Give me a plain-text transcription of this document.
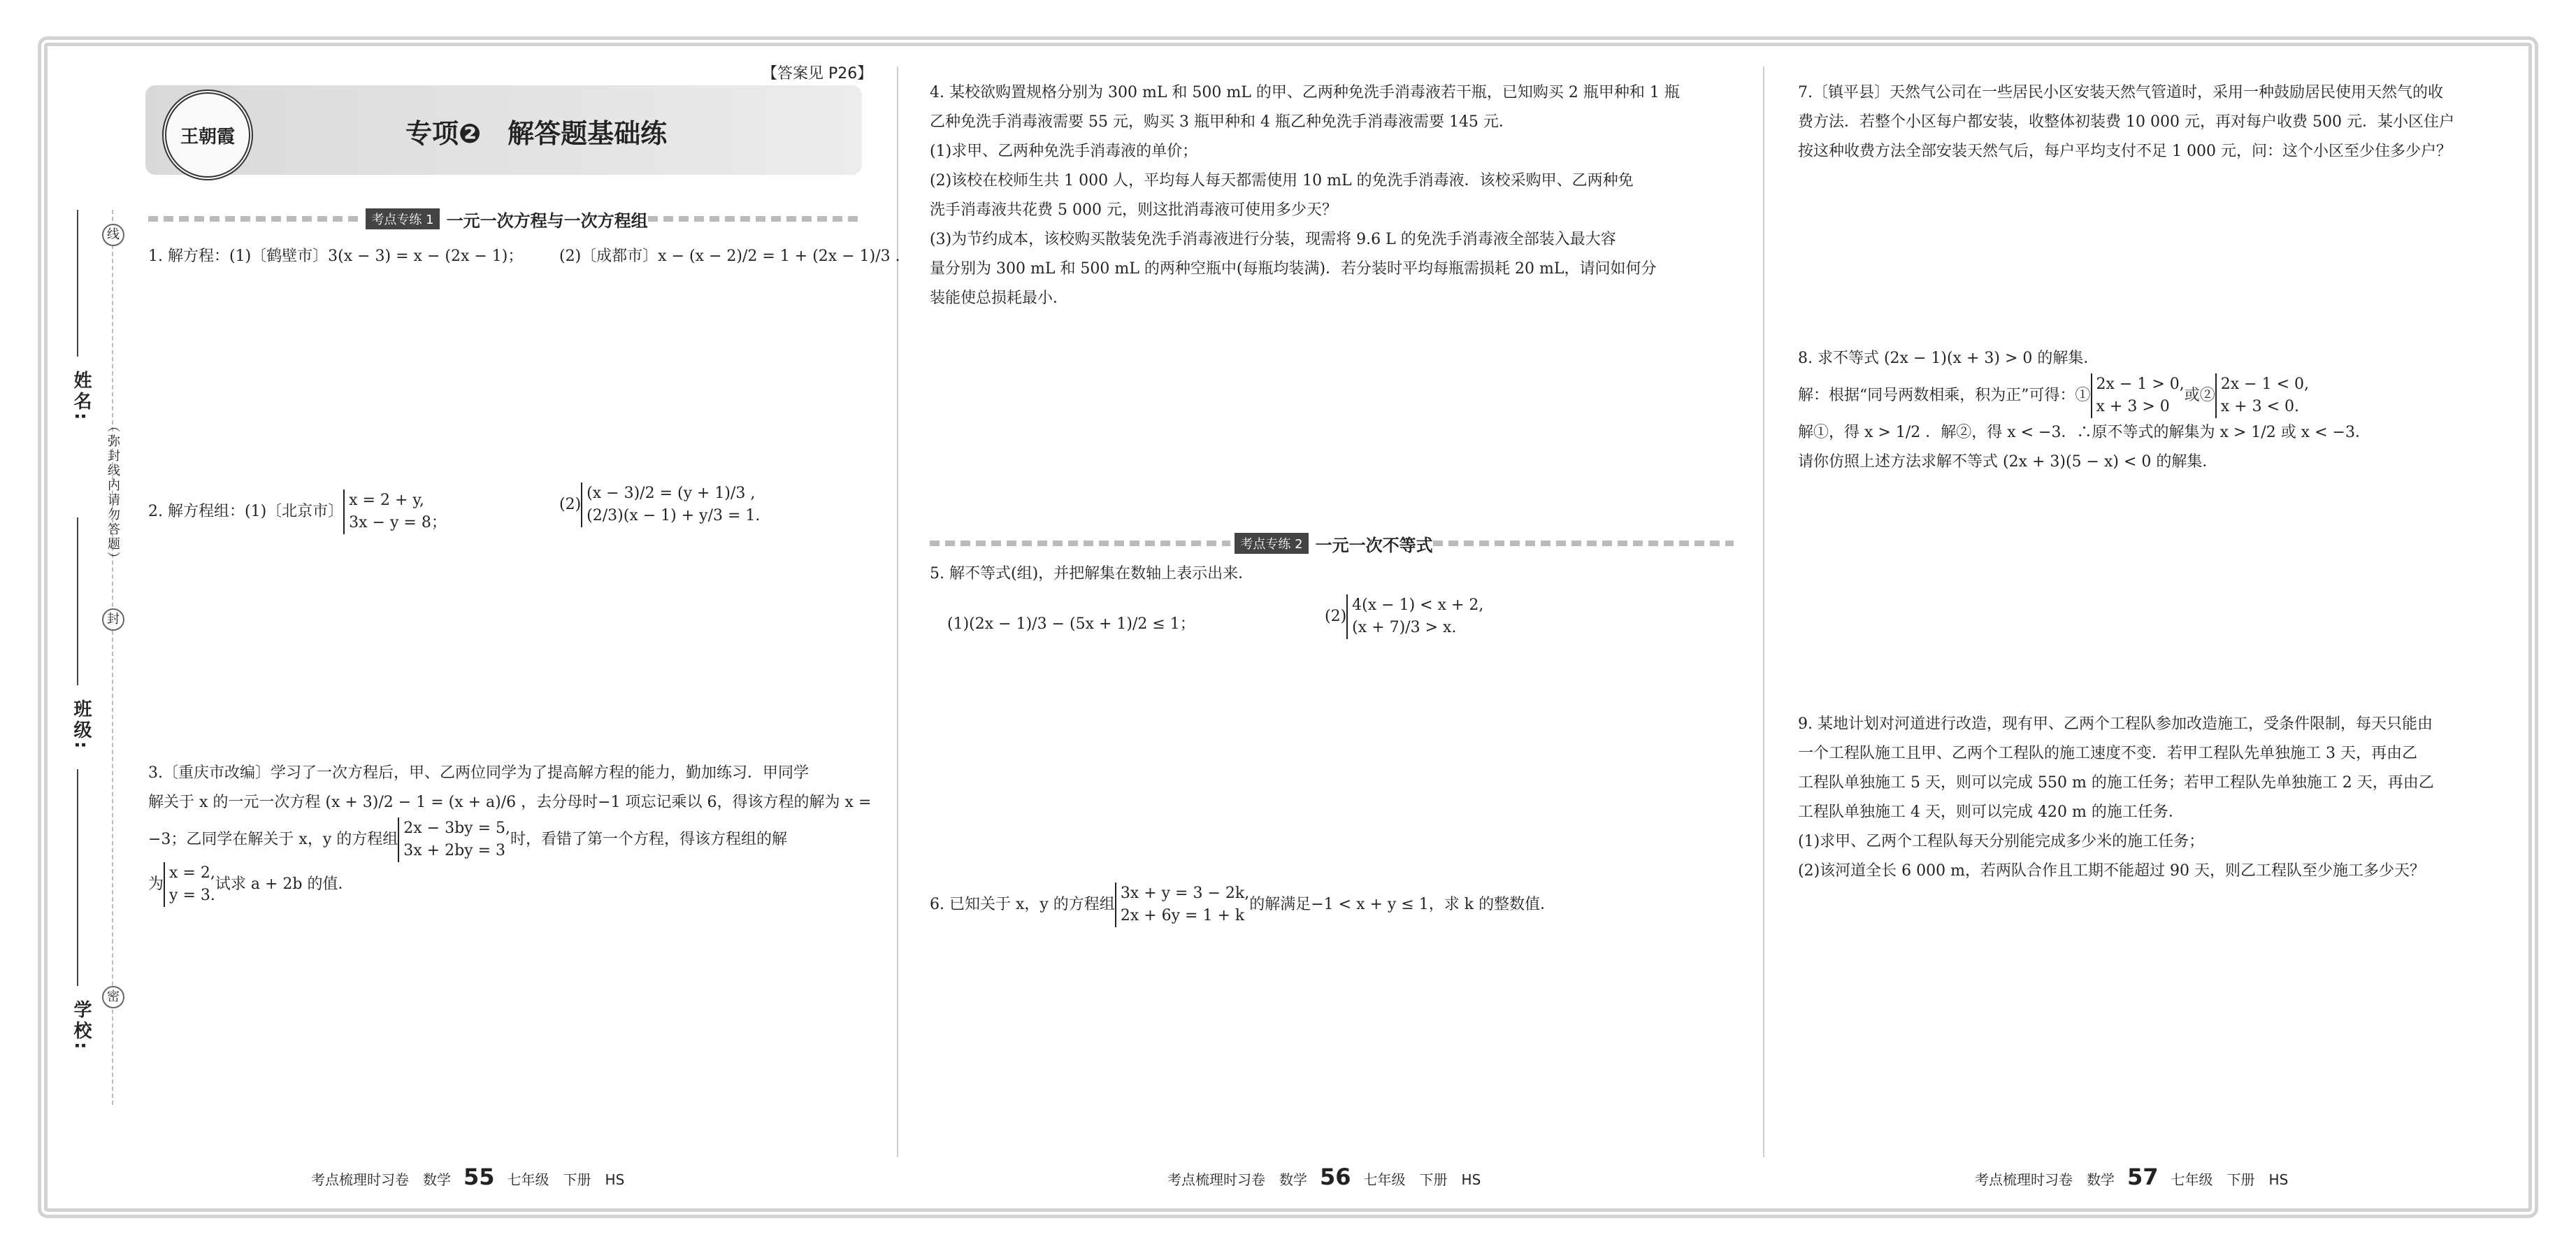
姓名:
班级:
学校:
线
（弥封线内请勿答题）
封
密
【答案见 P26】
王朝霞	专项❷　解答题基础练
考点专练 1 一元一次方程与一次方程组
1. 解方程：(1)〔鹤壁市〕3(x − 3) = x − (2x − 1)； (2)〔成都市〕x − (x − 2)/2 = 1 + (2x − 1)/3 .
2. 解方程组：(1)〔北京市〕x = 2 + y,
3x − y = 8；
(2)(x − 3)/2 = (y + 1)/3 ,
(2/3)(x − 1) + y/3 = 1.
3.〔重庆市改编〕学习了一次方程后，甲、乙两位同学为了提高解方程的能力，勤加练习．甲同学
解关于 x 的一元一次方程 (x + 3)/2 − 1 = (x + a)/6 ，去分母时−1 项忘记乘以 6，得该方程的解为 x =
−3；乙同学在解关于 x，y 的方程组2x − 3by = 5,
3x + 2by = 3时，看错了第一个方程，得该方程组的解
为x = 2,
y = 3.试求 a + 2b 的值．
4. 某校欲购置规格分别为 300 mL 和 500 mL 的甲、乙两种免洗手消毒液若干瓶，已知购买 2 瓶甲种和 1 瓶
乙种免洗手消毒液需要 55 元，购买 3 瓶甲种和 4 瓶乙种免洗手消毒液需要 145 元．
(1)求甲、乙两种免洗手消毒液的单价；
(2)该校在校师生共 1 000 人，平均每人每天都需使用 10 mL 的免洗手消毒液．该校采购甲、乙两种免
洗手消毒液共花费 5 000 元，则这批消毒液可使用多少天？
(3)为节约成本，该校购买散装免洗手消毒液进行分装，现需将 9.6 L 的免洗手消毒液全部装入最大容
量分别为 300 mL 和 500 mL 的两种空瓶中(每瓶均装满)．若分装时平均每瓶需损耗 20 mL，请问如何分
装能使总损耗最小．
考点专练 2 一元一次不等式
5. 解不等式(组)，并把解集在数轴上表示出来．
(1)(2x − 1)/3 − (5x + 1)/2 ≤ 1；	(2)4(x − 1) < x + 2,
(x + 7)/3 > x.
6. 已知关于 x，y 的方程组3x + y = 3 − 2k,
2x + 6y = 1 + k的解满足−1 < x + y ≤ 1，求 k 的整数值．
7.〔镇平县〕天然气公司在一些居民小区安装天然气管道时，采用一种鼓励居民使用天然气的收
费方法．若整个小区每户都安装，收整体初装费 10 000 元，再对每户收费 500 元．某小区住户
按这种收费方法全部安装天然气后，每户平均支付不足 1 000 元，问：这个小区至少住多少户？
8. 求不等式 (2x − 1)(x + 3) > 0 的解集．
解：根据“同号两数相乘，积为正”可得：①2x − 1 > 0,
x + 3 > 0或②2x − 1 < 0,
x + 3 < 0.
解①，得 x > 1/2 ．解②，得 x < −3．∴原不等式的解集为 x > 1/2 或 x < −3．
请你仿照上述方法求解不等式 (2x + 3)(5 − x) < 0 的解集．
9. 某地计划对河道进行改造，现有甲、乙两个工程队参加改造施工，受条件限制，每天只能由
一个工程队施工且甲、乙两个工程队的施工速度不变．若甲工程队先单独施工 3 天，再由乙
工程队单独施工 5 天，则可以完成 550 m 的施工任务；若甲工程队先单独施工 2 天，再由乙
工程队单独施工 4 天，则可以完成 420 m 的施工任务．
(1)求甲、乙两个工程队每天分别能完成多少米的施工任务；
(2)该河道全长 6 000 m，若两队合作且工期不能超过 90 天，则乙工程队至少施工多少天？
考点梳理时习卷　数学 55 七年级　下册　HS	考点梳理时习卷　数学 56 七年级　下册　HS	考点梳理时习卷　数学 57 七年级　下册　HS
